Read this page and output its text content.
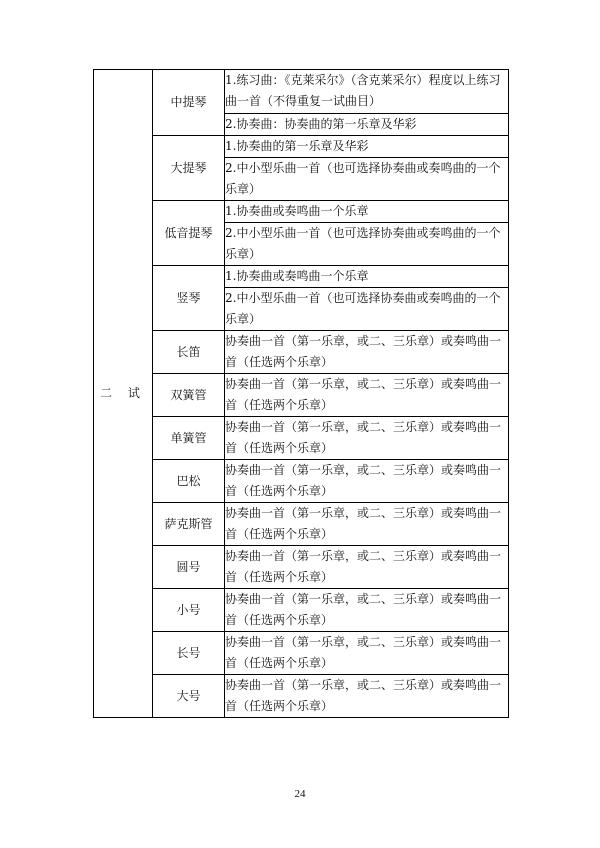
二 试	中提琴	1.练习曲：《克莱采尔》（含克莱采尔）程度以上练习曲一首（不得重复一试曲目）
		2.协奏曲：协奏曲的第一乐章及华彩
	大提琴	1.协奏曲的第一乐章及华彩
		2.中小型乐曲一首（也可选择协奏曲或奏鸣曲的一个乐章）
	低音提琴	1.协奏曲或奏鸣曲一个乐章
		2.中小型乐曲一首（也可选择协奏曲或奏鸣曲的一个乐章）
	竖琴	1.协奏曲或奏鸣曲一个乐章
		2.中小型乐曲一首（也可选择协奏曲或奏鸣曲的一个乐章）
	长笛	协奏曲一首（第一乐章，或二、三乐章）或奏鸣曲一首（任选两个乐章）
	双簧管	协奏曲一首（第一乐章，或二、三乐章）或奏鸣曲一首（任选两个乐章）
	单簧管	协奏曲一首（第一乐章，或二、三乐章）或奏鸣曲一首（任选两个乐章）
	巴松	协奏曲一首（第一乐章，或二、三乐章）或奏鸣曲一首（任选两个乐章）
	萨克斯管	协奏曲一首（第一乐章，或二、三乐章）或奏鸣曲一首（任选两个乐章）
	圆号	协奏曲一首（第一乐章，或二、三乐章）或奏鸣曲一首（任选两个乐章）
	小号	协奏曲一首（第一乐章，或二、三乐章）或奏鸣曲一首（任选两个乐章）
	长号	协奏曲一首（第一乐章，或二、三乐章）或奏鸣曲一首（任选两个乐章）
	大号	协奏曲一首（第一乐章，或二、三乐章）或奏鸣曲一首（任选两个乐章）
24
